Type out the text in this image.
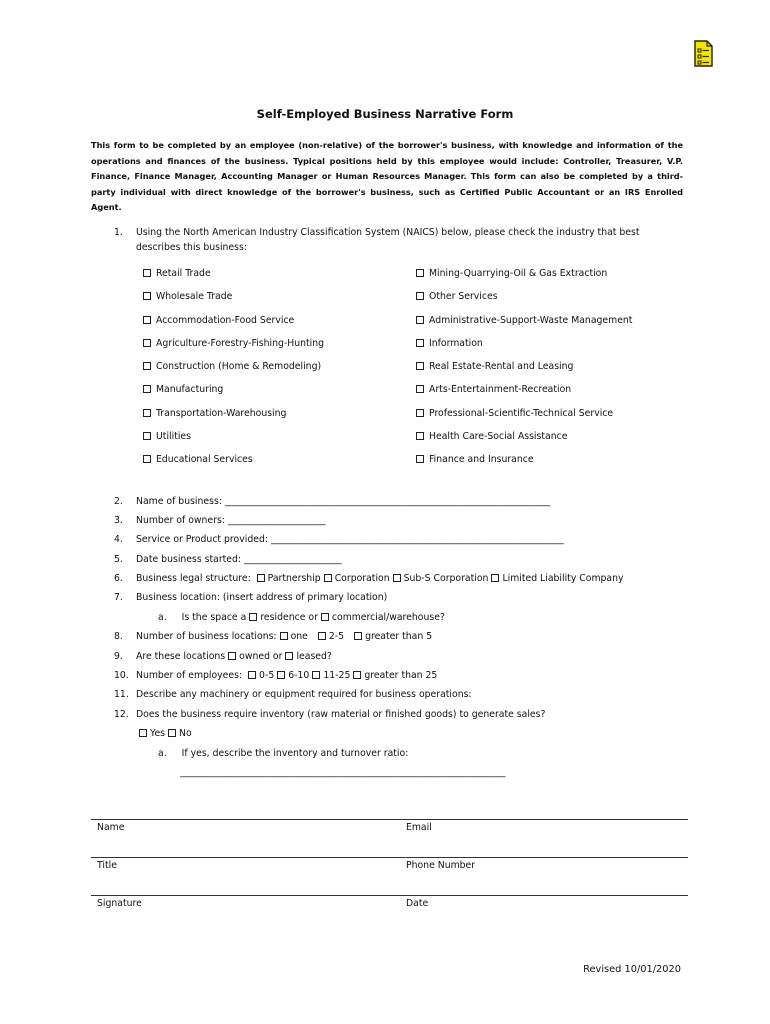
Self-Employed Business Narrative Form
This form to be completed by an employee (non-relative) of the borrower's business, with knowledge and information of the operations and finances of the business. Typical positions held by this employee would include: Controller, Treasurer, V.P. Finance, Finance Manager, Accounting Manager or Human Resources Manager. This form can also be completed by a third-party individual with direct knowledge of the borrower's business, such as Certified Public Accountant or an IRS Enrolled Agent.
1. Using the North American Industry Classification System (NAICS) below, please check the industry that best describes this business:
Retail Trade
Wholesale Trade
Accommodation-Food Service
Agriculture-Forestry-Fishing-Hunting
Construction (Home & Remodeling)
Manufacturing
Transportation-Warehousing
Utilities
Educational Services
Mining-Quarrying-Oil & Gas Extraction
Other Services
Administrative-Support-Waste Management
Information
Real Estate-Rental and Leasing
Arts-Entertainment-Recreation
Professional-Scientific-Technical Service
Health Care-Social Assistance
Finance and Insurance
2. Name of business: ______________________________________________________________________
3. Number of owners: _____________________
4. Service or Product provided: _______________________________________________________________
5. Date business started: _____________________
6. Business legal structure: Partnership Corporation Sub-S Corporation Limited Liability Company
7. Business location: (insert address of primary location)
a. Is the space a residence or commercial/warehouse?
8. Number of business locations: one 2-5 greater than 5
9. Are these locations owned or leased?
10. Number of employees: 0-5 6-10 11-25 greater than 25
11. Describe any machinery or equipment required for business operations:
12. Does the business require inventory (raw material or finished goods) to generate sales?
Yes No
a. If yes, describe the inventory and turnover ratio:
______________________________________________________________________
Name	Email
Title	Phone Number
Signature	Date
Revised 10/01/2020
